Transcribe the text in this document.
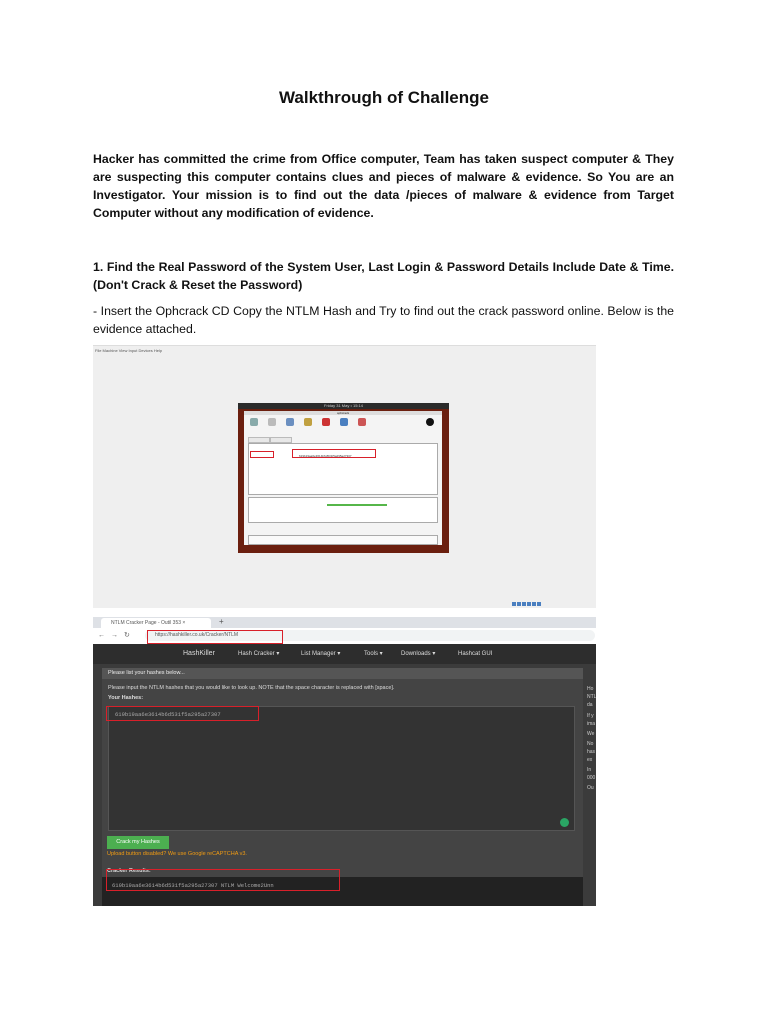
Walkthrough of Challenge
Hacker has committed the crime from Office computer, Team has taken suspect computer & They are suspecting this computer contains clues and pieces of malware & evidence. So You are an Investigator. Your mission is to find out the data /pieces of malware & evidence from Target Computer without any modification of evidence.
1. Find the Real Password of the System User, Last Login & Password Details Include Date & Time. (Don't Crack & Reset the Password)
- Insert the Ophcrack CD Copy the NTLM Hash and Try to find out the crack password online. Below is the evidence attached.
File Machine View Input Devices Help
Friday 31 May • 15:14
ophcrack
619b19aa6e3614b6d531f5a295a27307
NTLM Cracker Page - Outil 353 ×	+
←→↻	https://hashkiller.co.uk/Cracker/NTLM
HashKiller	Hash Cracker ▾	List Manager ▾	Tools ▾	Downloads ▾	Hashcat GUI
Please list your hashes below...
Please input the NTLM hashes that you would like to look up. NOTE that the space character is replaced with [space].
Your Hashes:
619b19aa6e3614b6d531f5a295a27307
Crack my Hashes
Upload button disabled? We use Google reCAPTCHA v3.
Cracker Results:
619b19aa6e3614b6d531f5a295a27307 NTLM Welcome2Unn
Ho
NTL
da
If y
ima
We
No
has
ex
In
000
Ou
